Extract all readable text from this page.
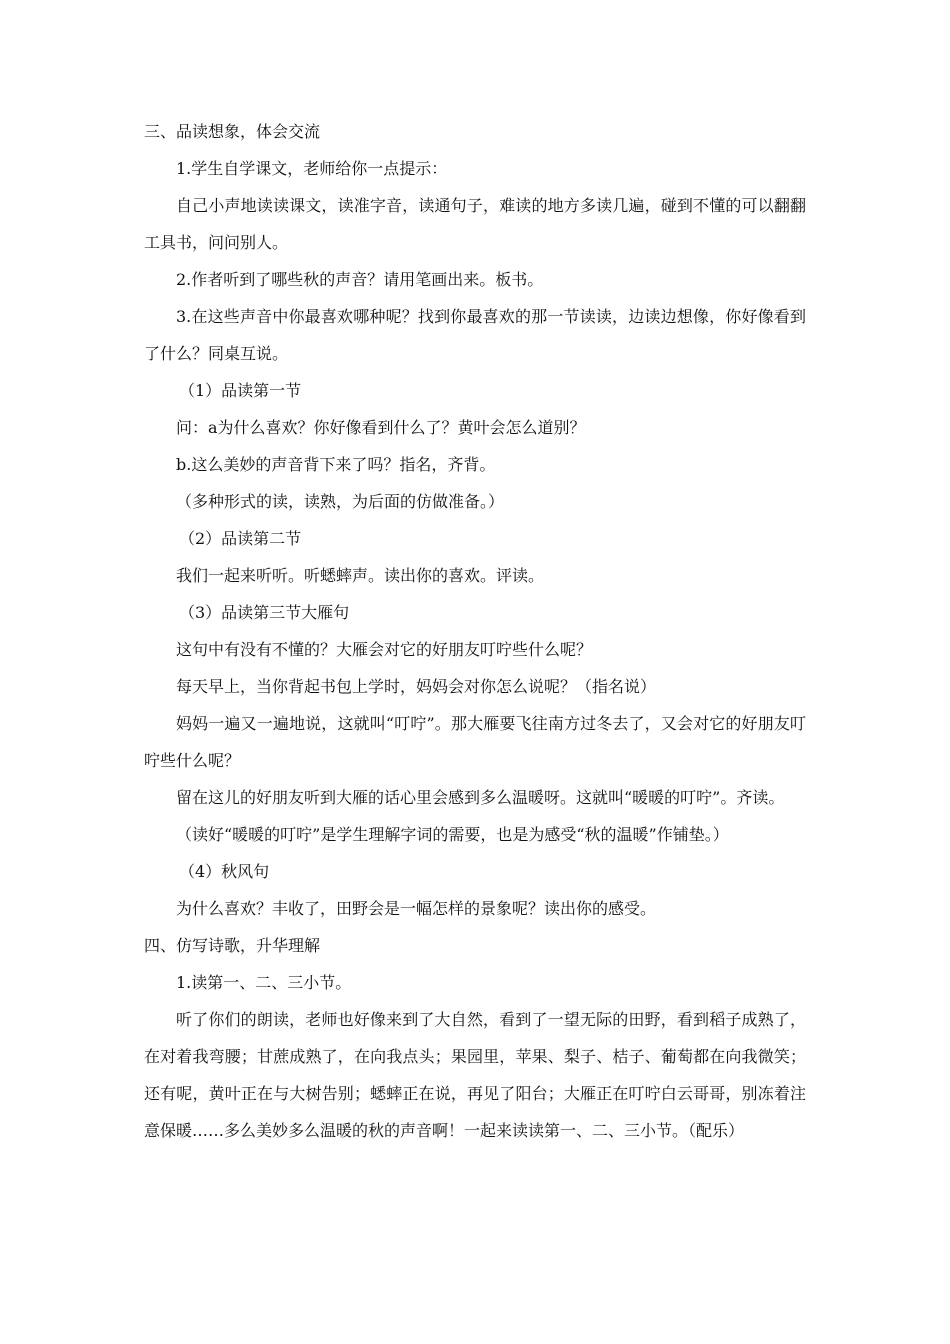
三、品读想象，体会交流

1.学生自学课文，老师给你一点提示：

自己小声地读读课文，读准字音，读通句子，难读的地方多读几遍，碰到不懂的可以翻翻工具书，问问别人。

2.作者听到了哪些秋的声音？请用笔画出来。板书。

3.在这些声音中你最喜欢哪种呢？找到你最喜欢的那一节读读，边读边想像，你好像看到了什么？同桌互说。

（1）品读第一节

问：a为什么喜欢？你好像看到什么了？黄叶会怎么道别？

b.这么美妙的声音背下来了吗？指名，齐背。

（多种形式的读，读熟，为后面的仿做准备。）

（2）品读第二节

我们一起来听听。听蟋蟀声。读出你的喜欢。评读。

（3）品读第三节大雁句

这句中有没有不懂的？大雁会对它的好朋友叮咛些什么呢？

每天早上，当你背起书包上学时，妈妈会对你怎么说呢？（指名说）

妈妈一遍又一遍地说，这就叫“叮咛”。那大雁要飞往南方过冬去了，又会对它的好朋友叮咛些什么呢？

留在这儿的好朋友听到大雁的话心里会感到多么温暖呀。这就叫“暖暖的叮咛”。齐读。

（读好“暖暖的叮咛”是学生理解字词的需要，也是为感受“秋的温暖”作铺垫。）

（4）秋风句

为什么喜欢？丰收了，田野会是一幅怎样的景象呢？读出你的感受。

四、仿写诗歌，升华理解

1.读第一、二、三小节。

听了你们的朗读，老师也好像来到了大自然，看到了一望无际的田野，看到稻子成熟了，在对着我弯腰；甘蔗成熟了，在向我点头；果园里，苹果、梨子、桔子、葡萄都在向我微笑；还有呢，黄叶正在与大树告别；蟋蟀正在说，再见了阳台；大雁正在叮咛白云哥哥，别冻着注意保暖……多么美妙多么温暖的秋的声音啊！一起来读读第一、二、三小节。（配乐）
